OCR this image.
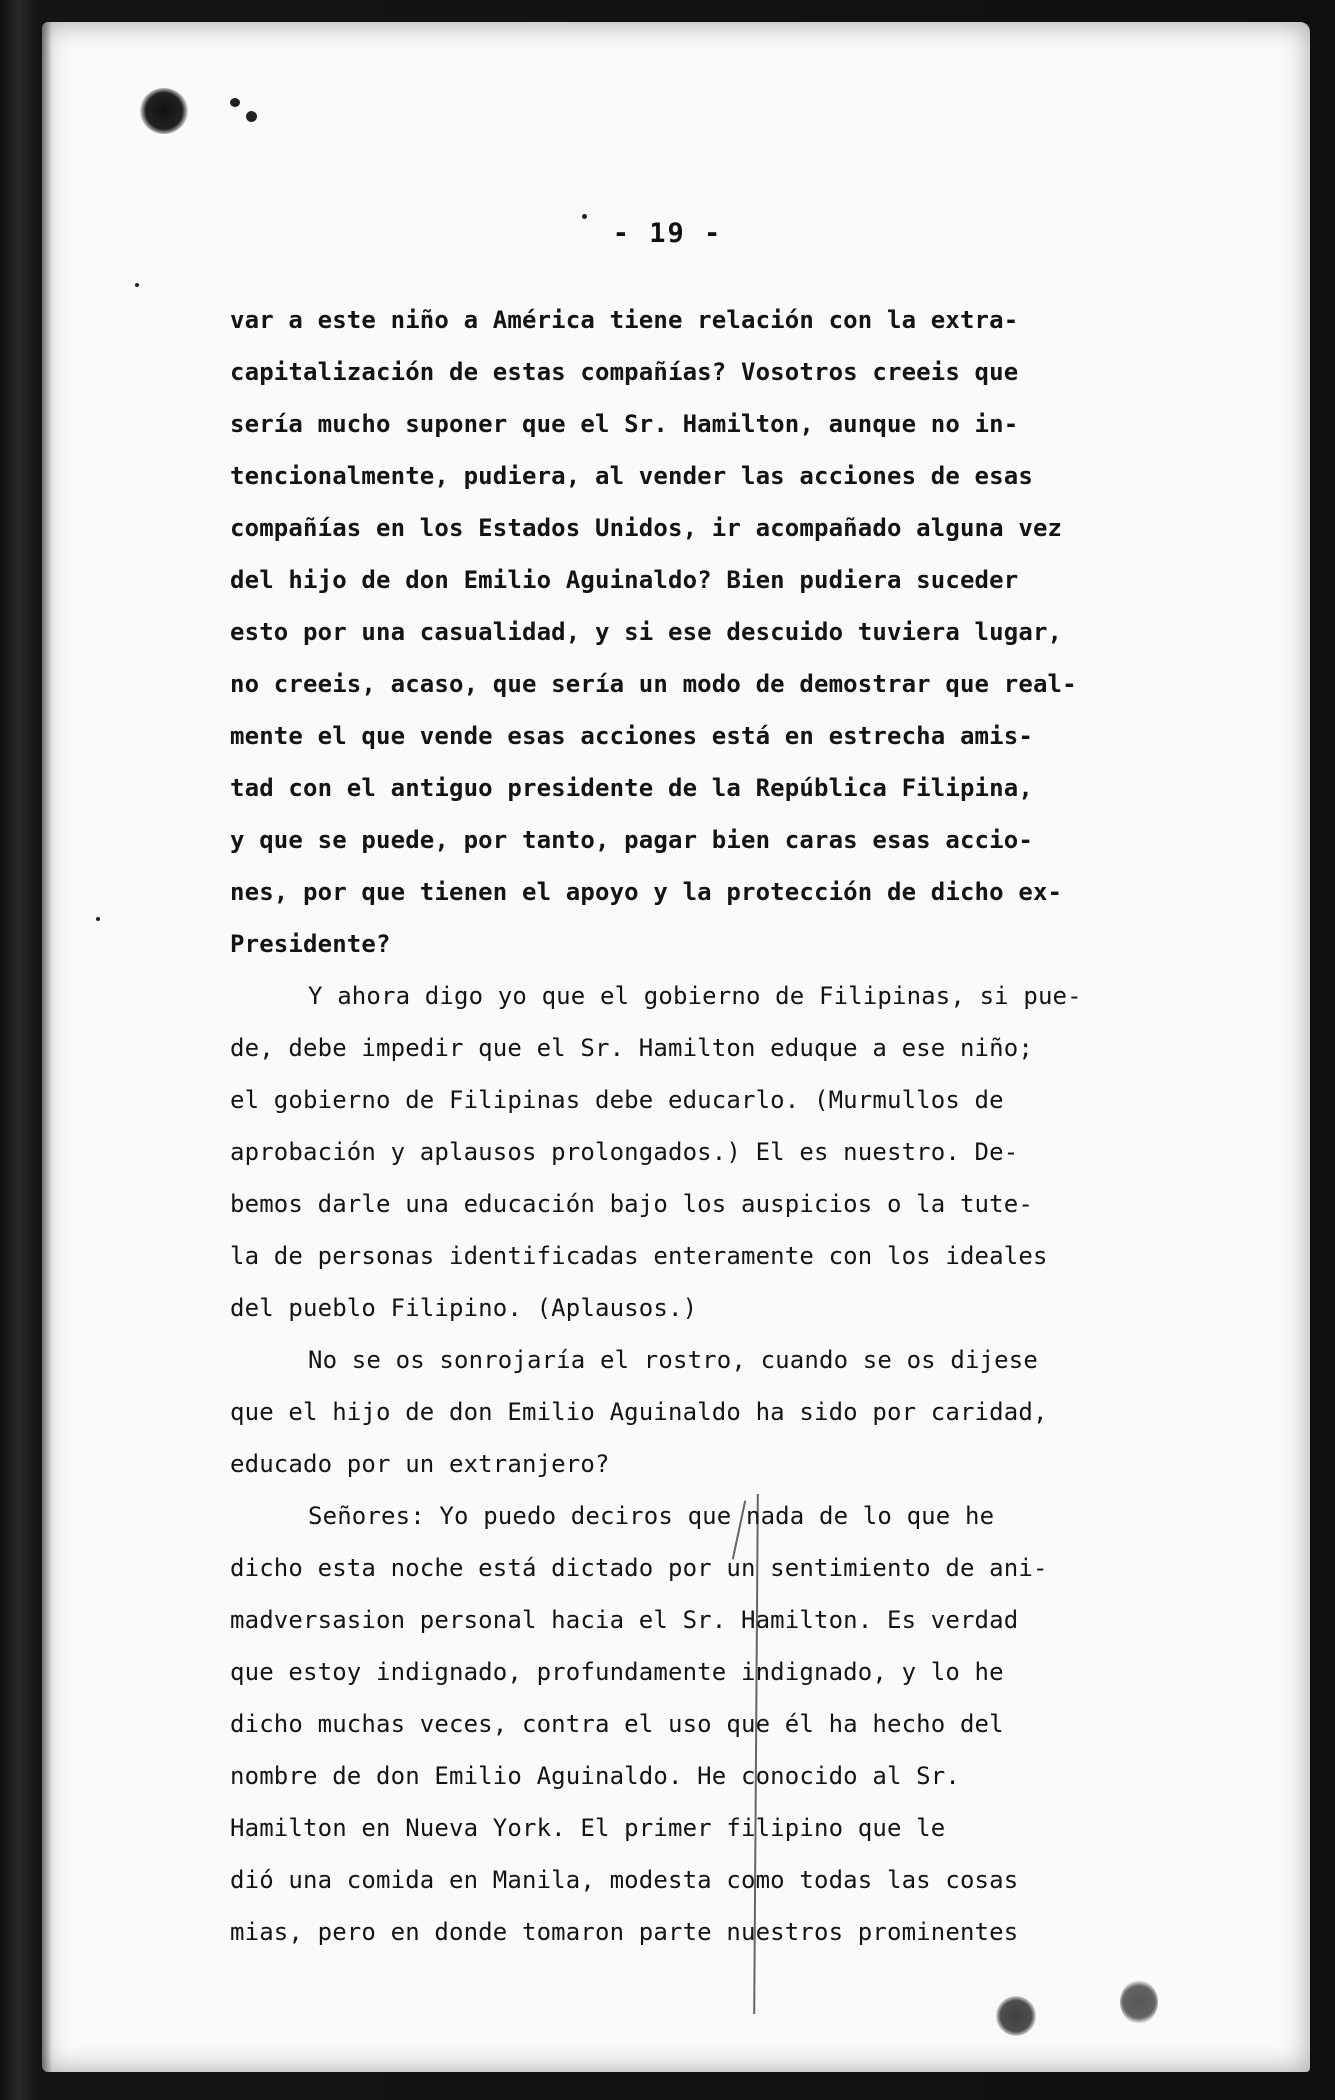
- 19 -
var a este niño a América tiene relación con la extra-
capitalización de estas compañías? Vosotros creeis que
sería mucho suponer que el Sr. Hamilton, aunque no in-
tencionalmente, pudiera, al vender las acciones de esas
compañías en los Estados Unidos, ir acompañado alguna vez
del hijo de don Emilio Aguinaldo? Bien pudiera suceder
esto por una casualidad, y si ese descuido tuviera lugar,
no creeis, acaso, que sería un modo de demostrar que real-
mente el que vende esas acciones está en estrecha amis-
tad con el antiguo presidente de la República Filipina,
y que se puede, por tanto, pagar bien caras esas accio-
nes, por que tienen el apoyo y la protección de dicho ex-
Presidente?
Y ahora digo yo que el gobierno de Filipinas, si pue-
de, debe impedir que el Sr. Hamilton eduque a ese niño;
el gobierno de Filipinas debe educarlo. (Murmullos de
aprobación y aplausos prolongados.) El es nuestro. De-
bemos darle una educación bajo los auspicios o la tute-
la de personas identificadas enteramente con los ideales
del pueblo Filipino. (Aplausos.)
No se os sonrojaría el rostro, cuando se os dijese
que el hijo de don Emilio Aguinaldo ha sido por caridad,
educado por un extranjero?
Señores: Yo puedo deciros que nada de lo que he
dicho esta noche está dictado por un sentimiento de ani-
madversasion personal hacia el Sr. Hamilton. Es verdad
que estoy indignado, profundamente indignado, y lo he
dicho muchas veces, contra el uso que él ha hecho del
nombre de don Emilio Aguinaldo. He conocido al Sr.
Hamilton en Nueva York. El primer filipino que le
dió una comida en Manila, modesta como todas las cosas
mias, pero en donde tomaron parte nuestros prominentes
